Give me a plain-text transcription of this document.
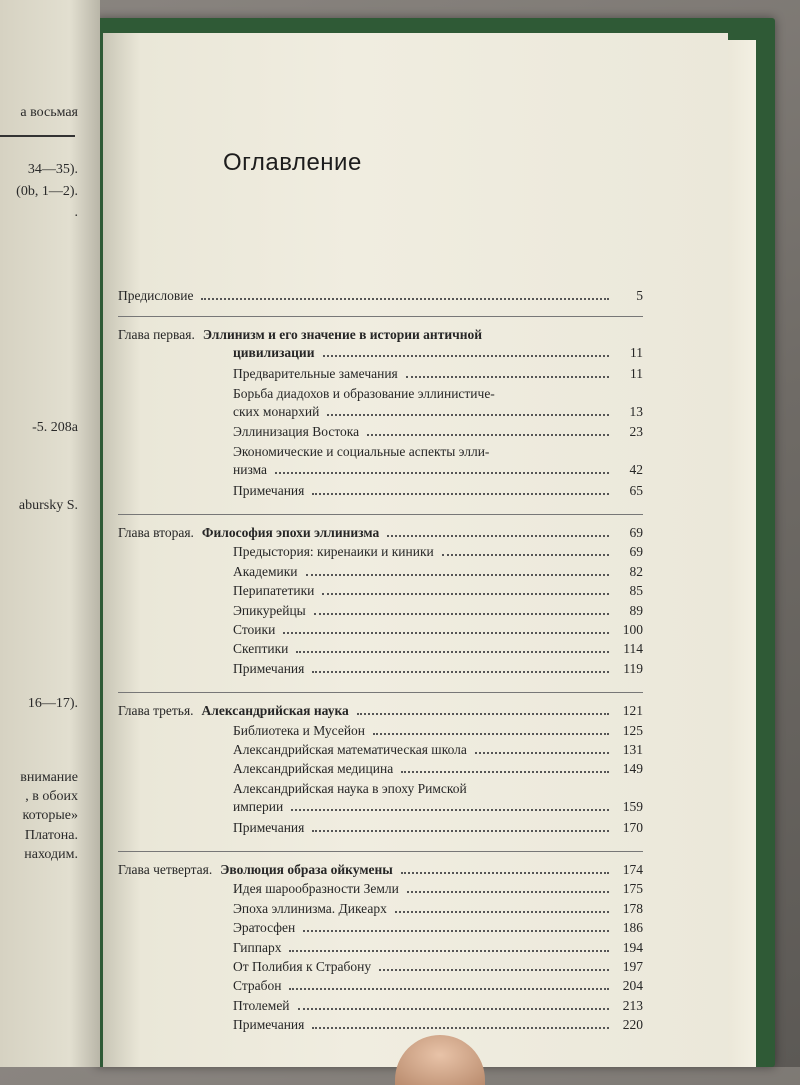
а восьмая
34—35).
(0b, 1—2).
.
-5. 208a
abursky S.
16—17).
внимание
, в обоих
которые»
Платона.
находим.
Оглавление
Предисловие	5
Глава первая. Эллинизм и его значение в истории античной
цивилизации	11
Предварительные замечания	11
Борьба диадохов и образование эллинистиче-
ских монархий	13
Эллинизация Востока	23
Экономические и социальные аспекты элли-
низма	42
Примечания	65
Глава вторая. Философия эпохи эллинизма	69
Предыстория: киренаики и киники	69
Академики	82
Перипатетики	85
Эпикурейцы	89
Стоики	100
Скептики	114
Примечания	119
Глава третья. Александрийская наука	121
Библиотека и Мусейон	125
Александрийская математическая школа	131
Александрийская медицина	149
Александрийская наука в эпоху Римской
империи	159
Примечания	170
Глава четвертая. Эволюция образа ойкумены	174
Идея шарообразности Земли	175
Эпоха эллинизма. Дикеарх	178
Эратосфен	186
Гиппарх	194
От Полибия к Страбону	197
Страбон	204
Птолемей	213
Примечания	220
